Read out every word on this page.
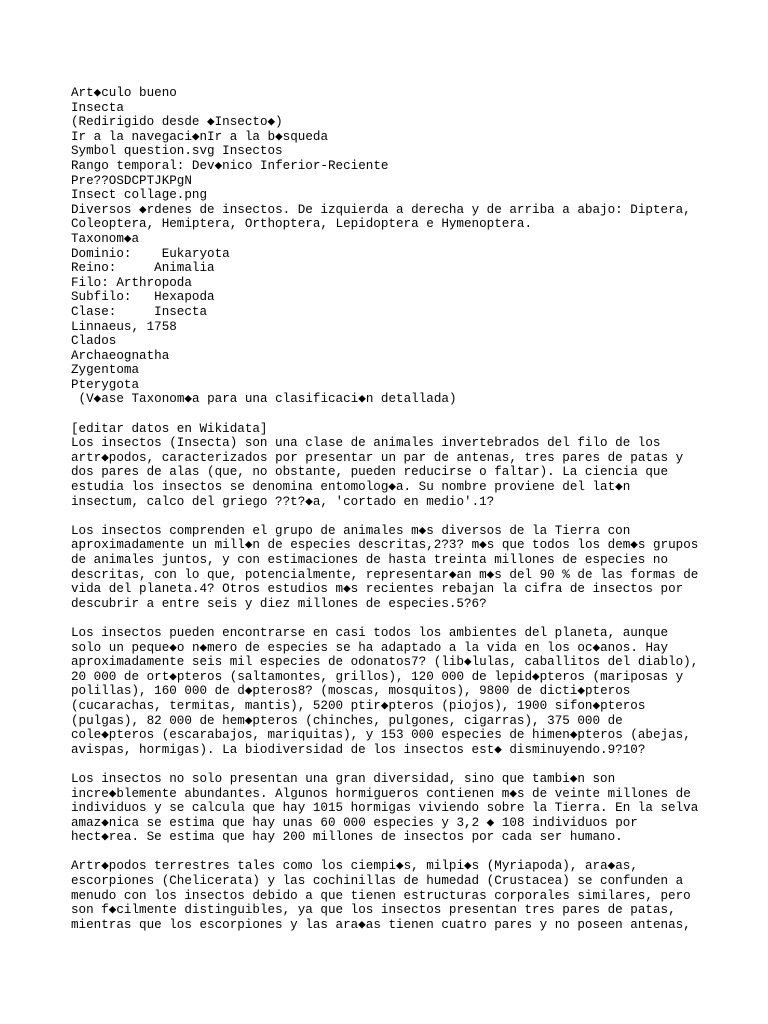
Art◆culo bueno
Insecta
(Redirigido desde ◆Insecto◆)
Ir a la navegaci◆nIr a la b◆squeda
Symbol question.svg Insectos
Rango temporal: Dev◆nico Inferior-Reciente
Pre??OSDCPTJKPgN
Insect collage.png
Diversos ◆rdenes de insectos. De izquierda a derecha y de arriba a abajo: Diptera,
Coleoptera, Hemiptera, Orthoptera, Lepidoptera e Hymenoptera.
Taxonom◆a
Dominio:    Eukaryota
Reino:     Animalia
Filo: Arthropoda
Subfilo:   Hexapoda
Clase:     Insecta
Linnaeus, 1758
Clados
Archaeognatha
Zygentoma
Pterygota
(V◆ase Taxonom◆a para una clasificaci◆n detallada)
[editar datos en Wikidata]
Los insectos (Insecta) son una clase de animales invertebrados del filo de los
artr◆podos, caracterizados por presentar un par de antenas, tres pares de patas y
dos pares de alas (que, no obstante, pueden reducirse o faltar). La ciencia que
estudia los insectos se denomina entomolog◆a. Su nombre proviene del lat◆n
insectum, calco del griego ??t?◆a, 'cortado en medio'.1?
Los insectos comprenden el grupo de animales m◆s diversos de la Tierra con
aproximadamente un mill◆n de especies descritas,2?3? m◆s que todos los dem◆s grupos
de animales juntos, y con estimaciones de hasta treinta millones de especies no
descritas, con lo que, potencialmente, representar◆an m◆s del 90 % de las formas de
vida del planeta.4? Otros estudios m◆s recientes rebajan la cifra de insectos por
descubrir a entre seis y diez millones de especies.5?6?
Los insectos pueden encontrarse en casi todos los ambientes del planeta, aunque
solo un peque◆o n◆mero de especies se ha adaptado a la vida en los oc◆anos. Hay
aproximadamente seis mil especies de odonatos7? (lib◆lulas, caballitos del diablo),
20 000 de ort◆pteros (saltamontes, grillos), 120 000 de lepid◆pteros (mariposas y
polillas), 160 000 de d◆pteros8? (moscas, mosquitos), 9800 de dicti◆pteros
(cucarachas, termitas, mantis), 5200 ptir◆pteros (piojos), 1900 sifon◆pteros
(pulgas), 82 000 de hem◆pteros (chinches, pulgones, cigarras), 375 000 de
cole◆pteros (escarabajos, mariquitas), y 153 000 especies de himen◆pteros (abejas,
avispas, hormigas). La biodiversidad de los insectos est◆ disminuyendo.9?10?
Los insectos no solo presentan una gran diversidad, sino que tambi◆n son
incre◆blemente abundantes. Algunos hormigueros contienen m◆s de veinte millones de
individuos y se calcula que hay 1015 hormigas viviendo sobre la Tierra. En la selva
amaz◆nica se estima que hay unas 60 000 especies y 3,2 ◆ 108 individuos por
hect◆rea. Se estima que hay 200 millones de insectos por cada ser humano.
Artr◆podos terrestres tales como los ciempi◆s, milpi◆s (Myriapoda), ara◆as,
escorpiones (Chelicerata) y las cochinillas de humedad (Crustacea) se confunden a
menudo con los insectos debido a que tienen estructuras corporales similares, pero
son f◆cilmente distinguibles, ya que los insectos presentan tres pares de patas,
mientras que los escorpiones y las ara◆as tienen cuatro pares y no poseen antenas,
